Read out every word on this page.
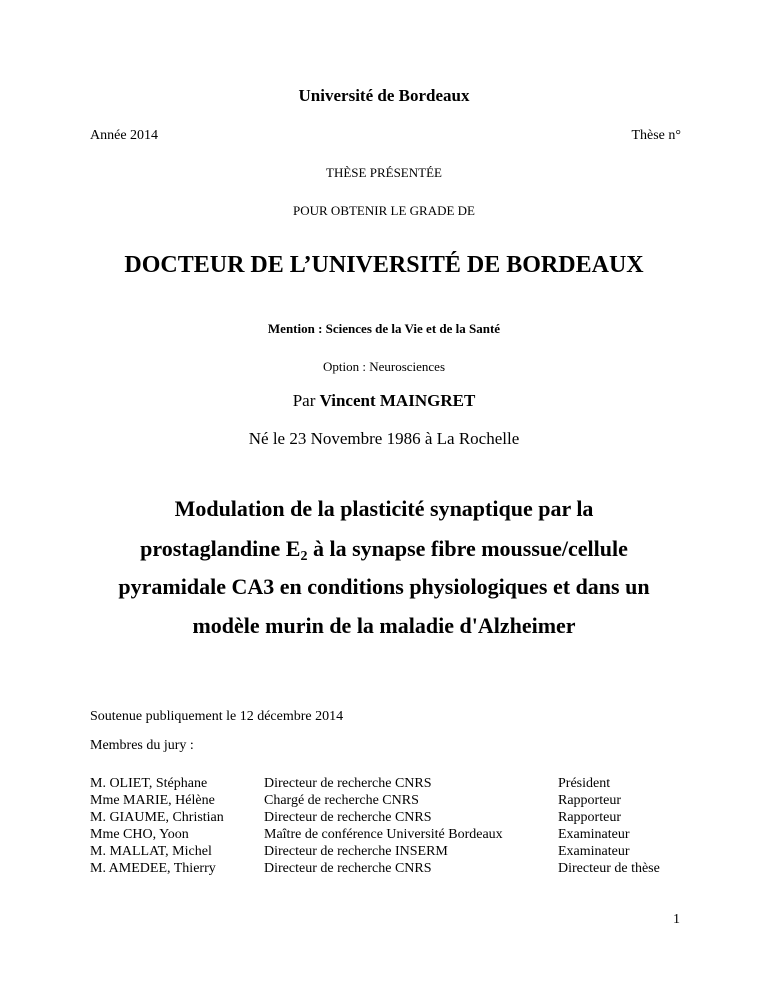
Université de Bordeaux
Année 2014	Thèse n°
THÈSE PRÉSENTÉE
POUR OBTENIR LE GRADE DE
DOCTEUR DE L’UNIVERSITÉ DE BORDEAUX
Mention : Sciences de la Vie et de la Santé
Option : Neurosciences
Par Vincent MAINGRET
Né le 23 Novembre 1986 à La Rochelle
Modulation de la plasticité synaptique par la
prostaglandine $E_2$ à la synapse fibre moussue/cellule
pyramidale CA3 en conditions physiologiques et dans un
modèle murin de la maladie d'Alzheimer
Soutenue publiquement le 12 décembre 2014
Membres du jury :
M. OLIET, Stéphane
Mme MARIE, Hélène
M. GIAUME, Christian
Mme CHO, Yoon
M. MALLAT, Michel
M. AMEDEE, Thierry
Directeur de recherche CNRS
Chargé de recherche CNRS
Directeur de recherche CNRS
Maître de conférence Université Bordeaux
Directeur de recherche INSERM
Directeur de recherche CNRS
Président
Rapporteur
Rapporteur
Examinateur
Examinateur
Directeur de thèse
1
